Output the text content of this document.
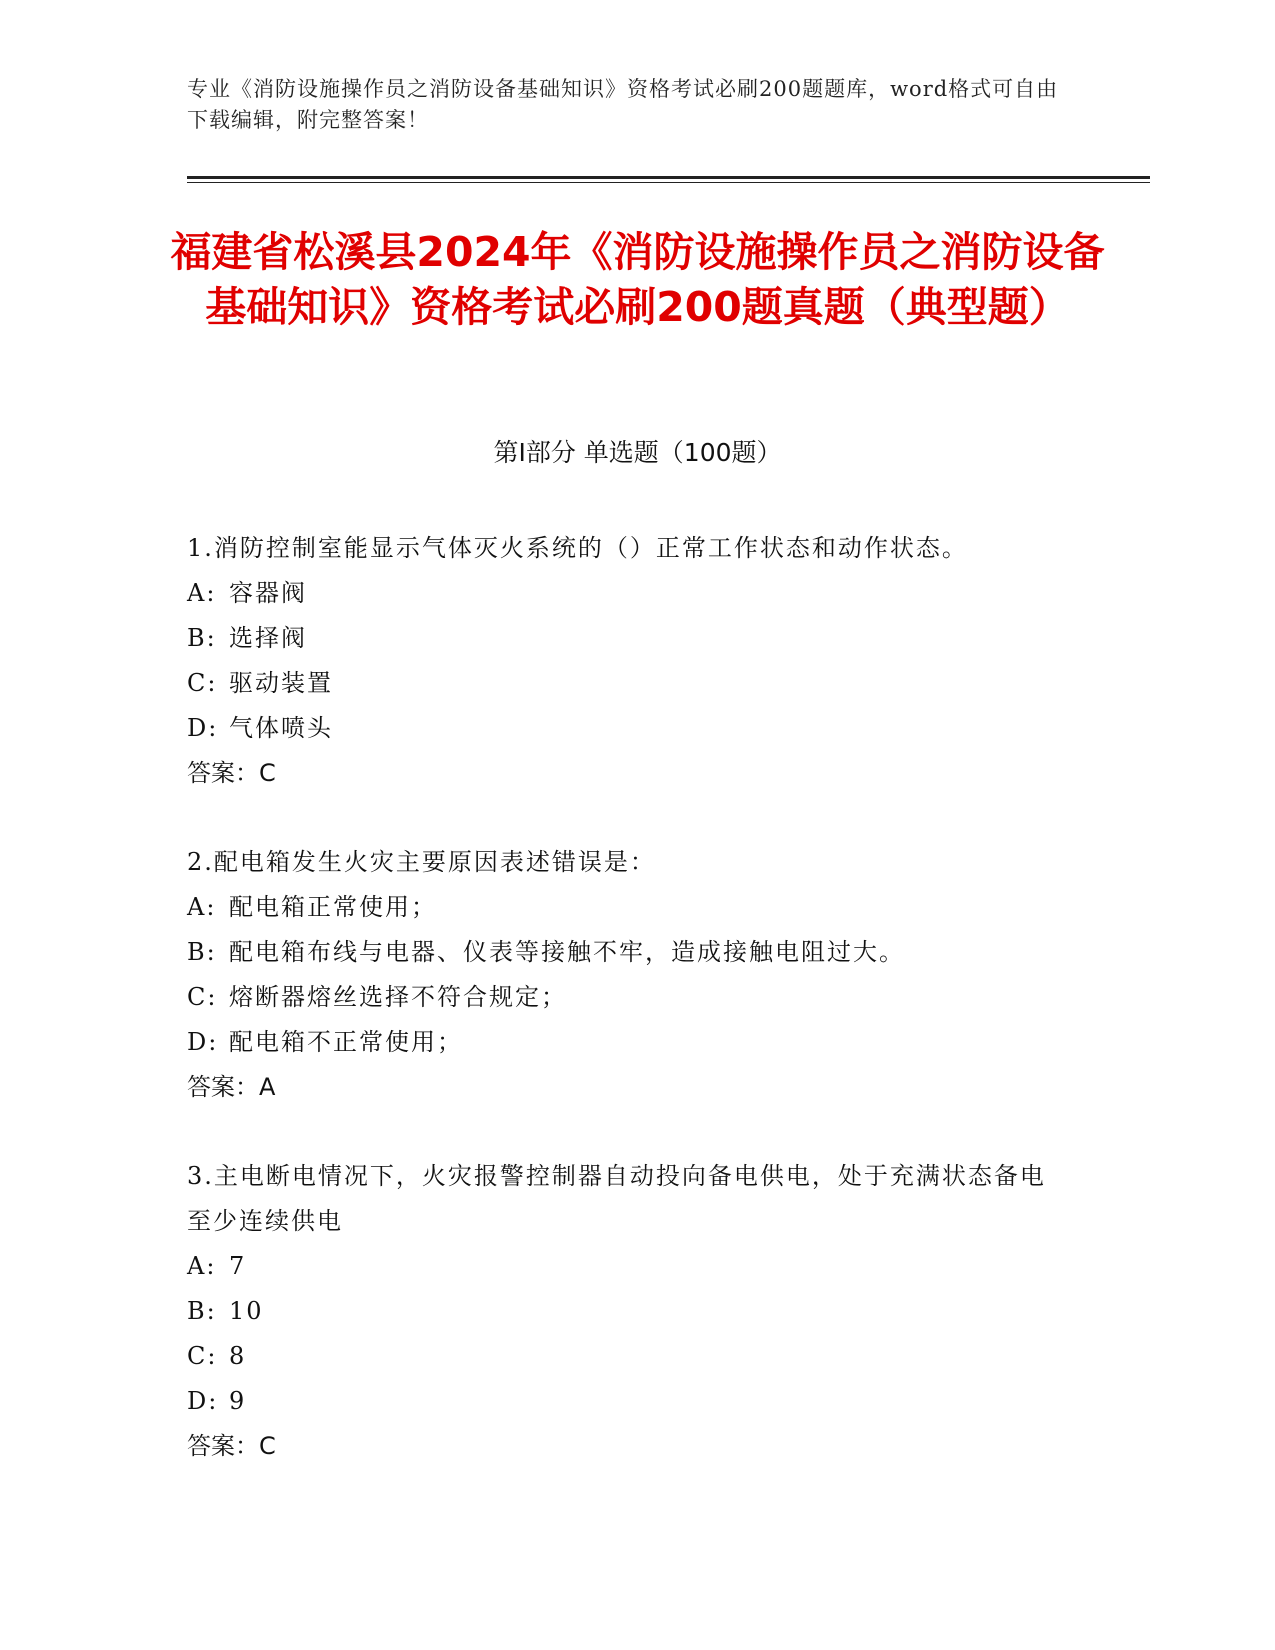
专业《消防设施操作员之消防设备基础知识》资格考试必刷200题题库，word格式可自由下载编辑，附完整答案！
福建省松溪县2024年《消防设施操作员之消防设备基础知识》资格考试必刷200题真题（典型题）
第I部分 单选题（100题）
1.消防控制室能显示气体灭火系统的（）正常工作状态和动作状态。
A: 容器阀
B: 选择阀
C: 驱动装置
D: 气体喷头
答案：C
2.配电箱发生火灾主要原因表述错误是：
A: 配电箱正常使用；
B: 配电箱布线与电器、仪表等接触不牢，造成接触电阻过大。
C: 熔断器熔丝选择不符合规定；
D: 配电箱不正常使用；
答案：A
3.主电断电情况下，火灾报警控制器自动投向备电供电，处于充满状态备电至少连续供电
A: 7
B: 10
C: 8
D: 9
答案：C
